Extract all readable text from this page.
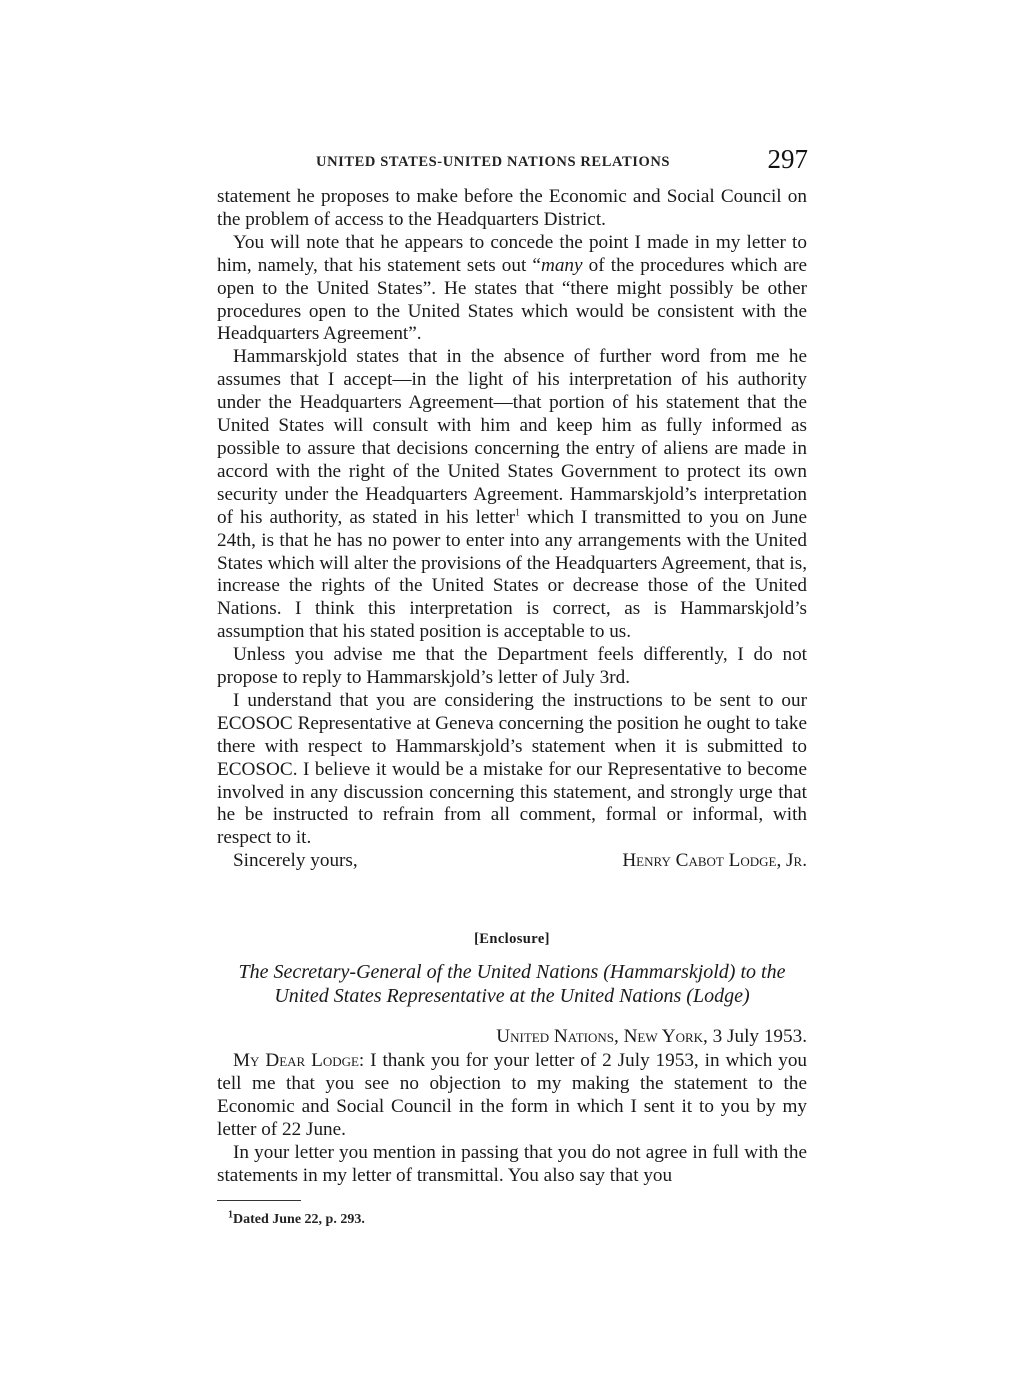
UNITED STATES-UNITED NATIONS RELATIONS	297

statement he proposes to make before the Economic and Social Council on the problem of access to the Headquarters District.

You will note that he appears to concede the point I made in my letter to him, namely, that his statement sets out “many of the procedures which are open to the United States”. He states that “there might possibly be other procedures open to the United States which would be consistent with the Headquarters Agreement”.

Hammarskjold states that in the absence of further word from me he assumes that I accept—in the light of his interpretation of his authority under the Headquarters Agreement—that portion of his statement that the United States will consult with him and keep him as fully informed as possible to assure that decisions concerning the entry of aliens are made in accord with the right of the United States Government to protect its own security under the Headquarters Agreement. Hammarskjold’s interpretation of his authority, as stated in his letter$^1$ which I transmitted to you on June 24th, is that he has no power to enter into any arrangements with the United States which will alter the provisions of the Headquarters Agreement, that is, increase the rights of the United States or decrease those of the United Nations. I think this interpretation is correct, as is Hammarskjold’s assumption that his stated position is acceptable to us.

Unless you advise me that the Department feels differently, I do not propose to reply to Hammarskjold’s letter of July 3rd.

I understand that you are considering the instructions to be sent to our ECOSOC Representative at Geneva concerning the position he ought to take there with respect to Hammarskjold’s statement when it is submitted to ECOSOC. I believe it would be a mistake for our Representative to become involved in any discussion concerning this statement, and strongly urge that he be instructed to refrain from all comment, formal or informal, with respect to it.

Sincerely yours,	Henry Cabot Lodge, Jr.
[Enclosure]
The Secretary-General of the United Nations (Hammarskjold) to the
United States Representative at the United Nations (Lodge)
United Nations, New York, 3 July 1953.

My Dear Lodge: I thank you for your letter of 2 July 1953, in which you tell me that you see no objection to my making the statement to the Economic and Social Council in the form in which I sent it to you by my letter of 22 June.

In your letter you mention in passing that you do not agree in full with the statements in my letter of transmittal. You also say that you

$^1$Dated June 22, p. 293.
